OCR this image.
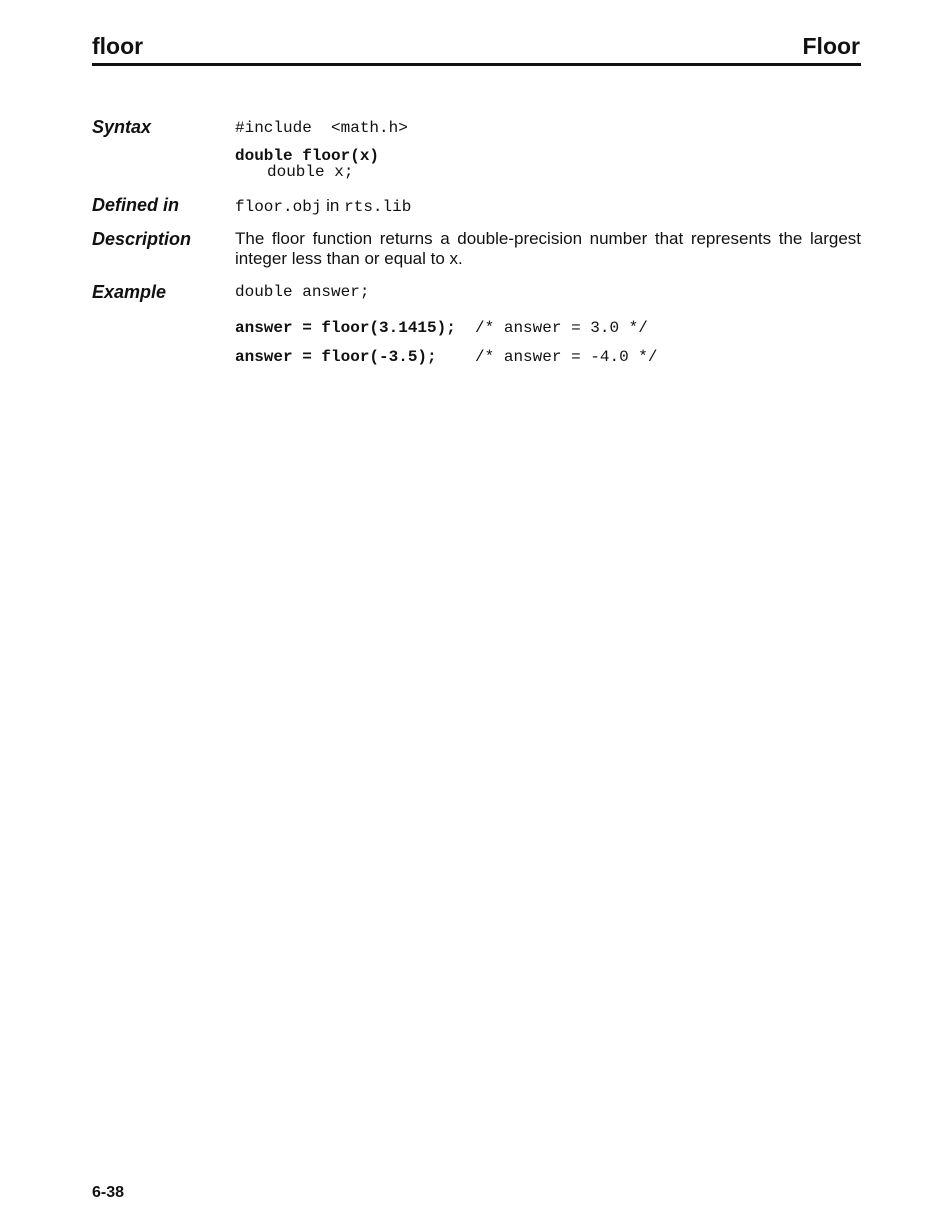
floor	Floor
Syntax	#include  <math.h>
double floor(x)
double x;
Defined in	floor.obj in rts.lib
Description	The floor function returns a double-precision number that represents the largest integer less than or equal to x.
Example	double answer;
answer = floor(3.1415);  /* answer = 3.0 */
answer = floor(-3.5);    /* answer = -4.0 */
6-38
